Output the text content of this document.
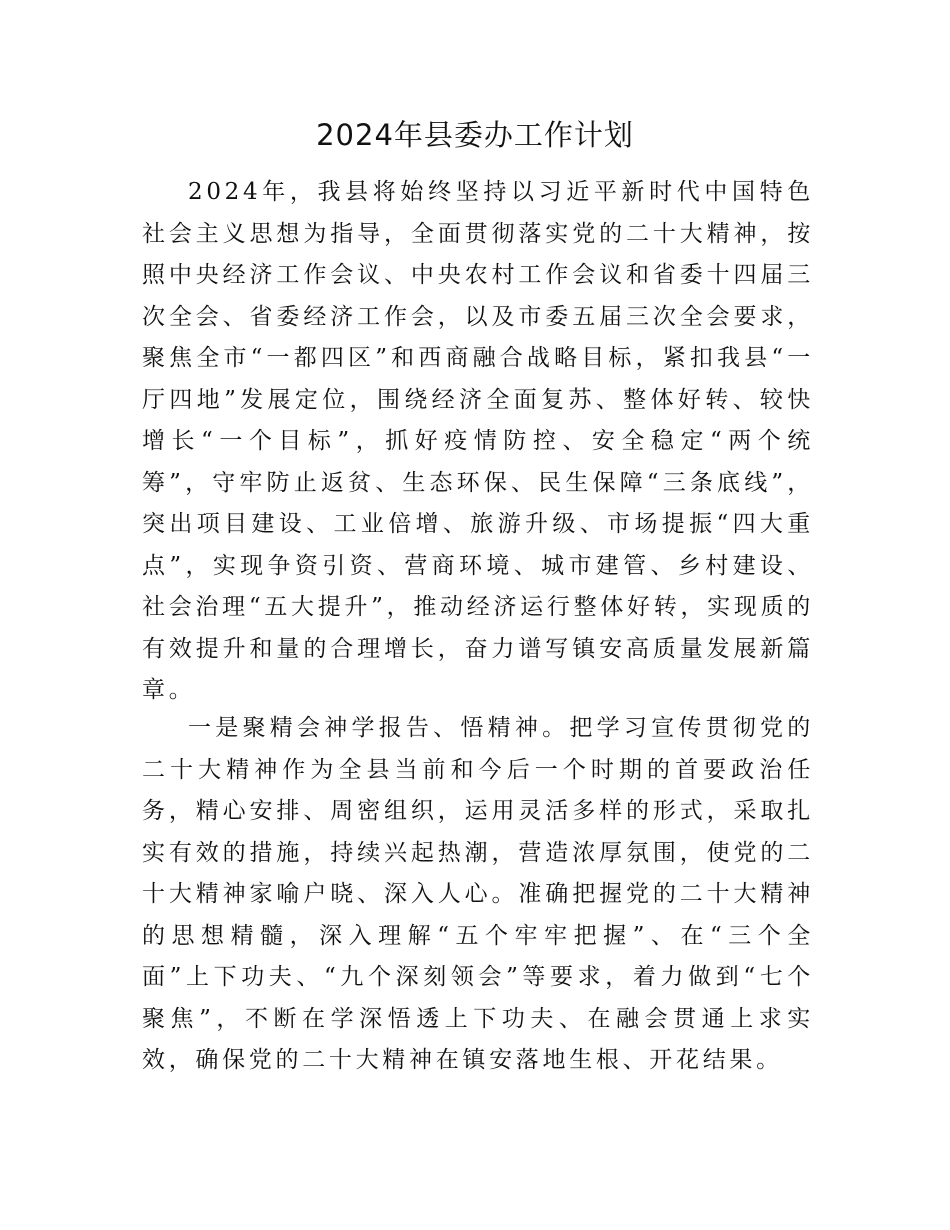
2024年县委办工作计划

2024年，我县将始终坚持以习近平新时代中国特色社会主义思想为指导，全面贯彻落实党的二十大精神，按照中央经济工作会议、中央农村工作会议和省委十四届三次全会、省委经济工作会，以及市委五届三次全会要求，聚焦全市“一都四区”和西商融合战略目标，紧扣我县“一厅四地”发展定位，围绕经济全面复苏、整体好转、较快增长“一个目标”，抓好疫情防控、安全稳定“两个统筹”，守牢防止返贫、生态环保、民生保障“三条底线”，突出项目建设、工业倍增、旅游升级、市场提振“四大重点”，实现争资引资、营商环境、城市建管、乡村建设、社会治理“五大提升”，推动经济运行整体好转，实现质的有效提升和量的合理增长，奋力谱写镇安高质量发展新篇章。

一是聚精会神学报告、悟精神。把学习宣传贯彻党的二十大精神作为全县当前和今后一个时期的首要政治任务，精心安排、周密组织，运用灵活多样的形式，采取扎实有效的措施，持续兴起热潮，营造浓厚氛围，使党的二十大精神家喻户晓、深入人心。准确把握党的二十大精神的思想精髓，深入理解“五个牢牢把握”、在“三个全面”上下功夫、“九个深刻领会”等要求，着力做到“七个聚焦”，不断在学深悟透上下功夫、在融会贯通上求实效，确保党的二十大精神在镇安落地生根、开花结果。
